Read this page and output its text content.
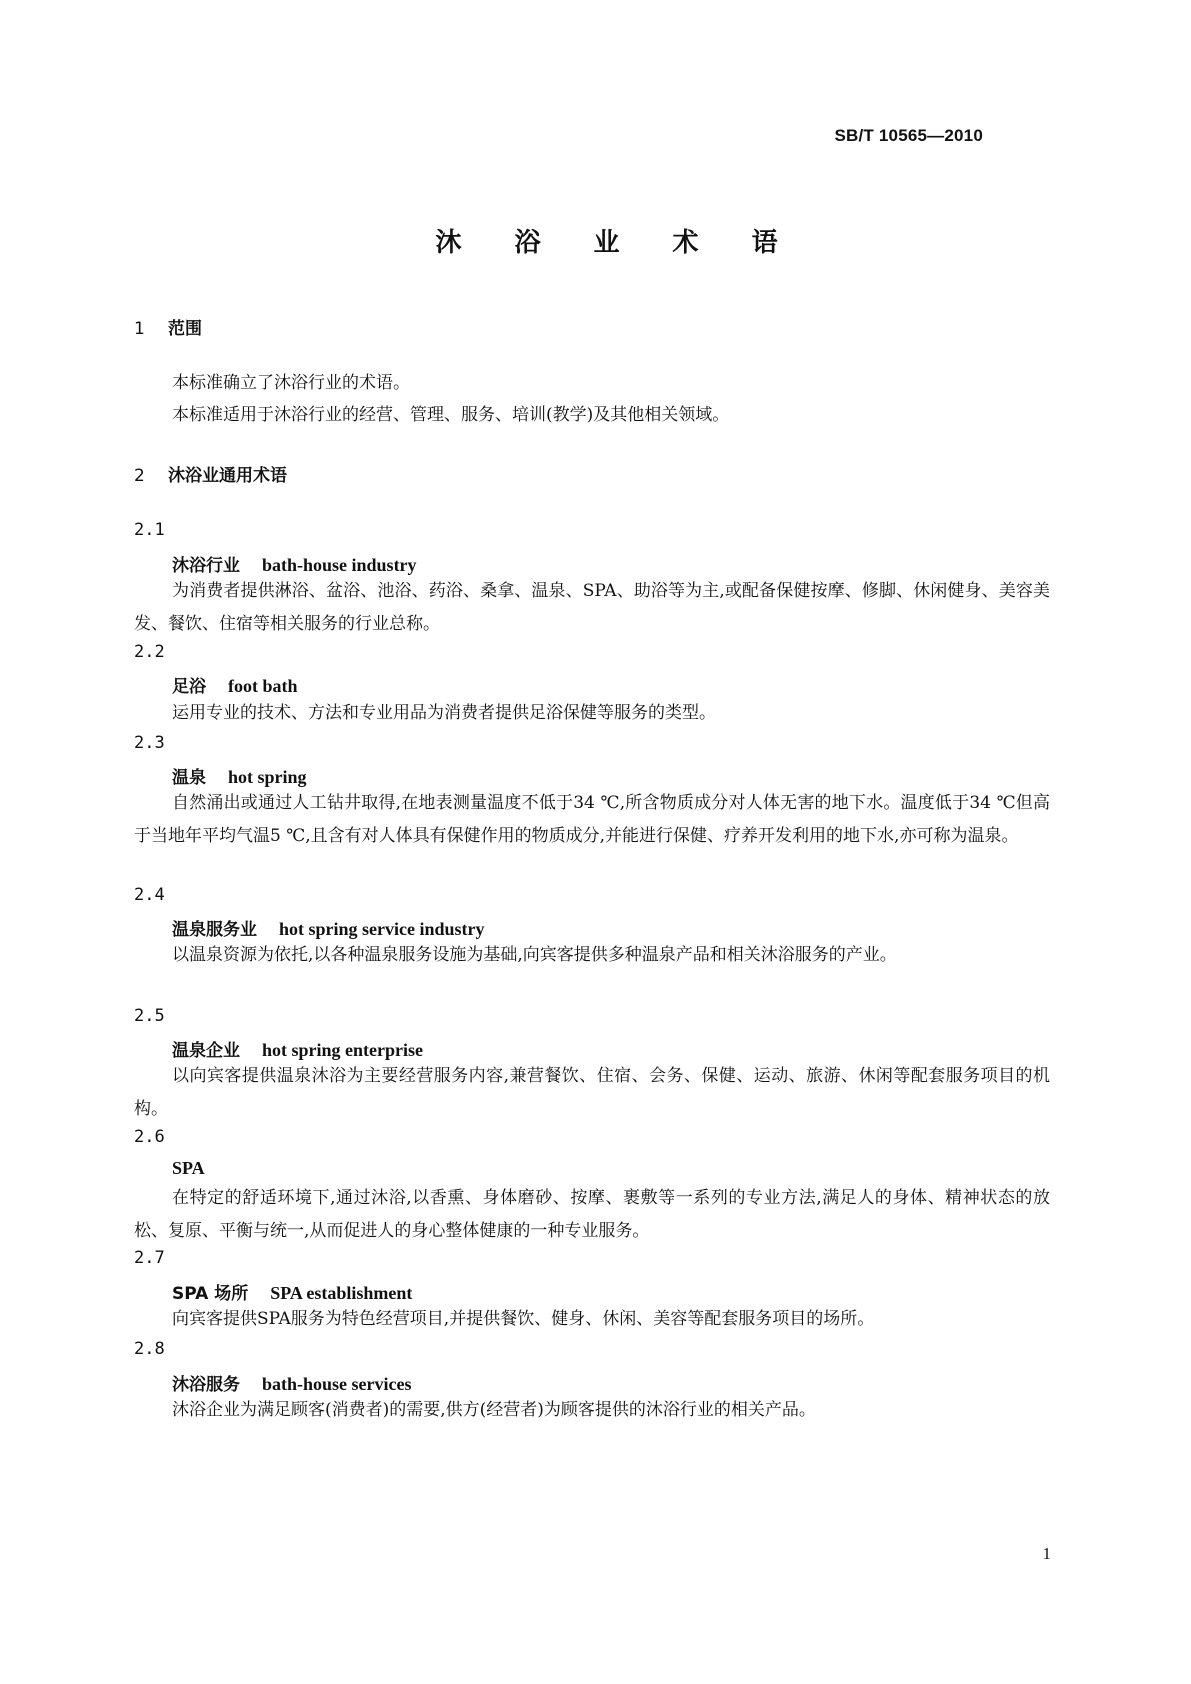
SB/T 10565—2010
沐 浴 业 术 语
1 范围
本标准确立了沐浴行业的术语。
本标准适用于沐浴行业的经营、管理、服务、培训(教学)及其他相关领域。
2 沐浴业通用术语
2.1
沐浴行业 bath-house industry
为消费者提供淋浴、盆浴、池浴、药浴、桑拿、温泉、SPA、助浴等为主,或配备保健按摩、修脚、休闲健身、美容美发、餐饮、住宿等相关服务的行业总称。
2.2
足浴 foot bath
运用专业的技术、方法和专业用品为消费者提供足浴保健等服务的类型。
2.3
温泉 hot spring
自然涌出或通过人工钻井取得,在地表测量温度不低于34 ℃,所含物质成分对人体无害的地下水。温度低于34 ℃但高于当地年平均气温5 ℃,且含有对人体具有保健作用的物质成分,并能进行保健、疗养开发利用的地下水,亦可称为温泉。
2.4
温泉服务业 hot spring service industry
以温泉资源为依托,以各种温泉服务设施为基础,向宾客提供多种温泉产品和相关沐浴服务的产业。
2.5
温泉企业 hot spring enterprise
以向宾客提供温泉沐浴为主要经营服务内容,兼营餐饮、住宿、会务、保健、运动、旅游、休闲等配套服务项目的机构。
2.6
SPA
在特定的舒适环境下,通过沐浴,以香熏、身体磨砂、按摩、裹敷等一系列的专业方法,满足人的身体、精神状态的放松、复原、平衡与统一,从而促进人的身心整体健康的一种专业服务。
2.7
SPA 场所 SPA establishment
向宾客提供SPA服务为特色经营项目,并提供餐饮、健身、休闲、美容等配套服务项目的场所。
2.8
沐浴服务 bath-house services
沐浴企业为满足顾客(消费者)的需要,供方(经营者)为顾客提供的沐浴行业的相关产品。
1
